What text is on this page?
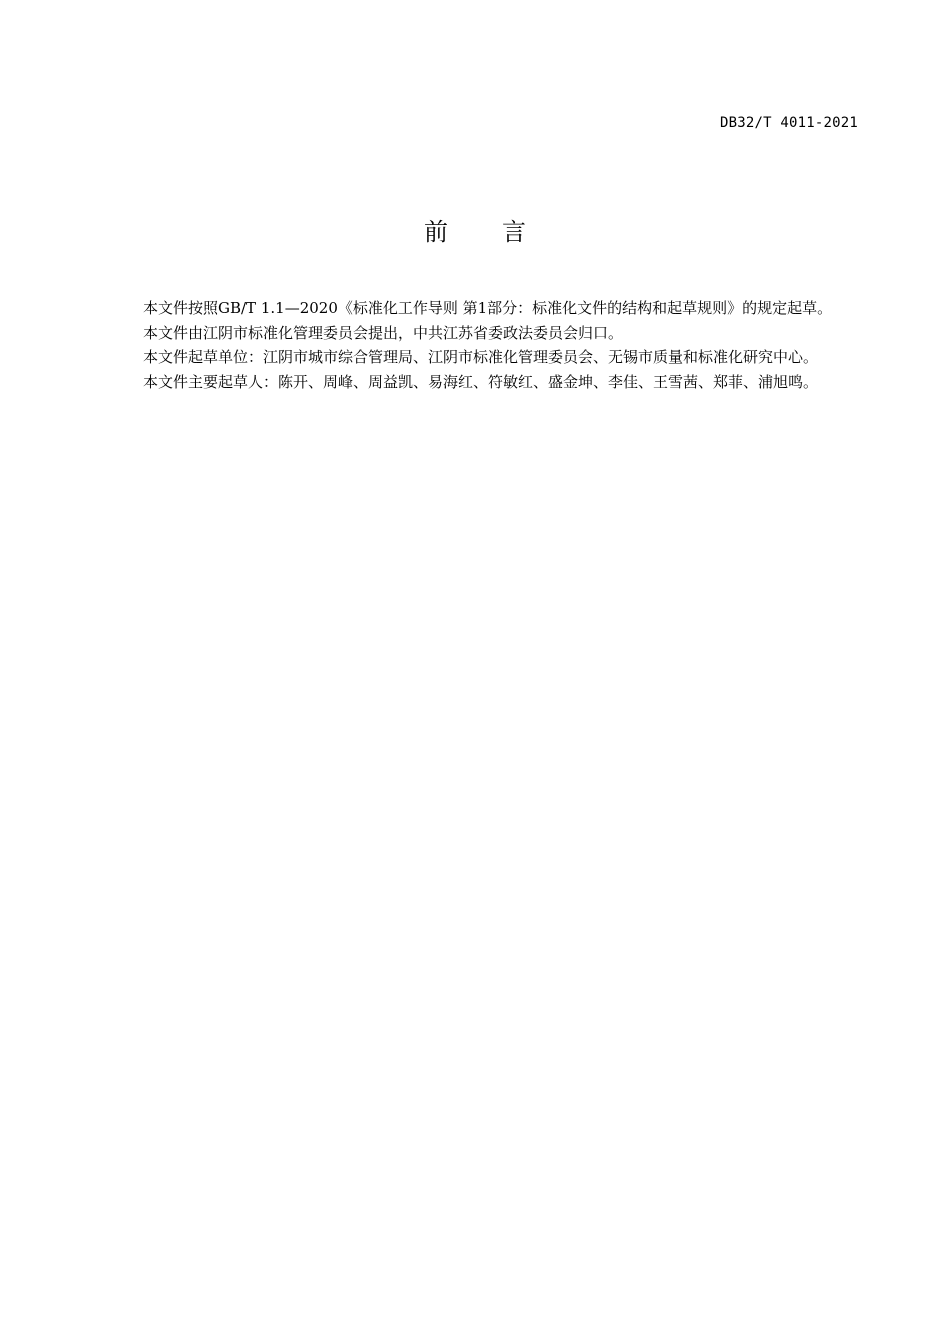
DB32/T 4011-2021
前言

本文件按照GB/T 1.1—2020《标准化工作导则 第1部分：标准化文件的结构和起草规则》的规定起草。

本文件由江阴市标准化管理委员会提出，中共江苏省委政法委员会归口。

本文件起草单位：江阴市城市综合管理局、江阴市标准化管理委员会、无锡市质量和标准化研究中心。

本文件主要起草人：陈开、周峰、周益凯、易海红、符敏红、盛金坤、李佳、王雪茜、郑菲、浦旭鸣。
